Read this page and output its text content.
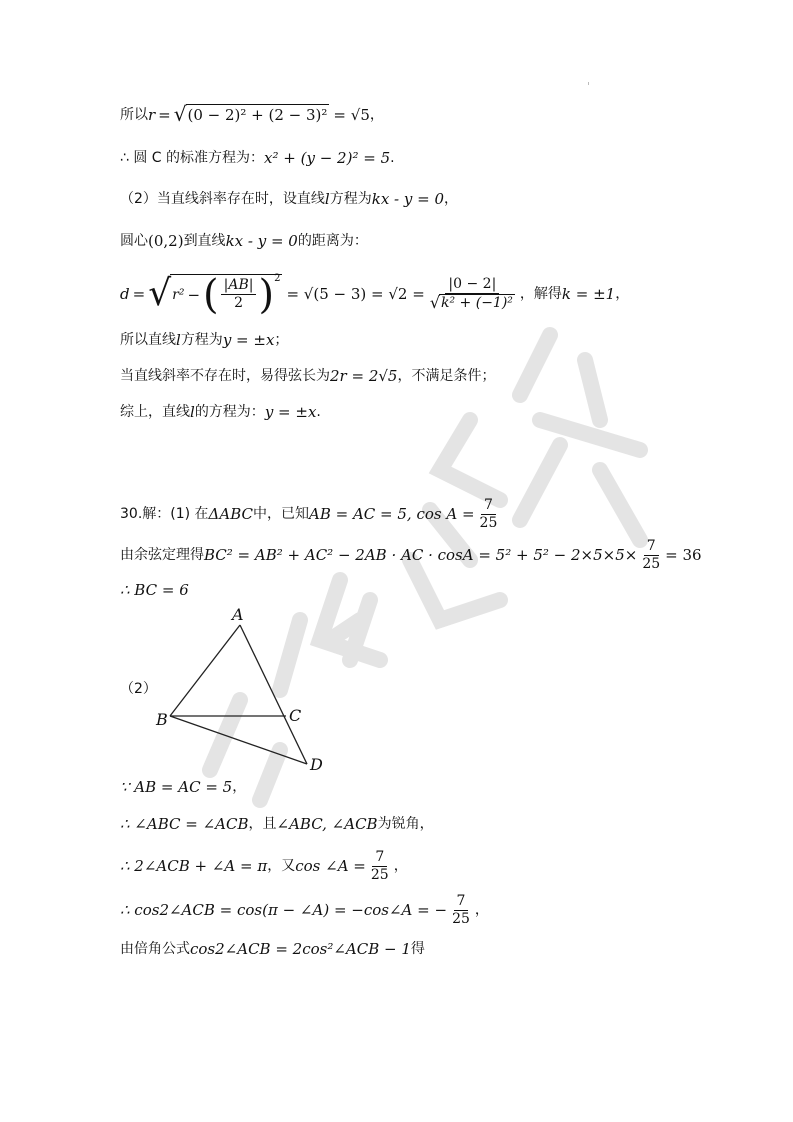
所以 r = √ (0 − 2)² + (2 − 3)² = √5 ，
∴ 圆 C 的标准方程为： x² + (y − 2)² = 5 .
（2）当直线斜率存在时，设直线 l 方程为 kx - y = 0 ，
圆心 (0,2) 到直线 kx - y = 0 的距离为：
d = √ r² − ( $\frac{|AB|}{2}$ ) 2
= $√(5 - 3) = √2 = \frac{|0 - 2|}{\text{√ k² + (−1)²}}$ ，解得 k = ±1 ，
所以直线 l 方程为 y = ±x ；
当直线斜率不存在时，易得弦长为 2r = 2√5 ，不满足条件；
综上，直线 l 的方程为： y = ±x .
30.解：(1) 在 ΔABC 中，已知 AB = AC = 5, $\cos A = \frac{7}{25}$
由余弦定理得 BC² = AB² + AC² − 2AB · AC · $\cos A = 5^2 + 5^2 - 2\times 5\times 5\times \frac{7}{25} = 36$
∴ BC = 6
A
B	C
D
（2）
∵ AB = AC = 5 ，
∴ ∠ABC = ∠ACB ，且 ∠ABC, ∠ACB 为锐角，
∴ 2∠ACB + ∠A = π ，又 cos ∠A = $\frac{7}{25}$ ，
∴ cos2∠ACB = cos(π − ∠A) = −cos∠A = − $\frac{7}{25}$ ，
由倍角公式 cos2∠ACB = 2cos²∠ACB − 1 得
